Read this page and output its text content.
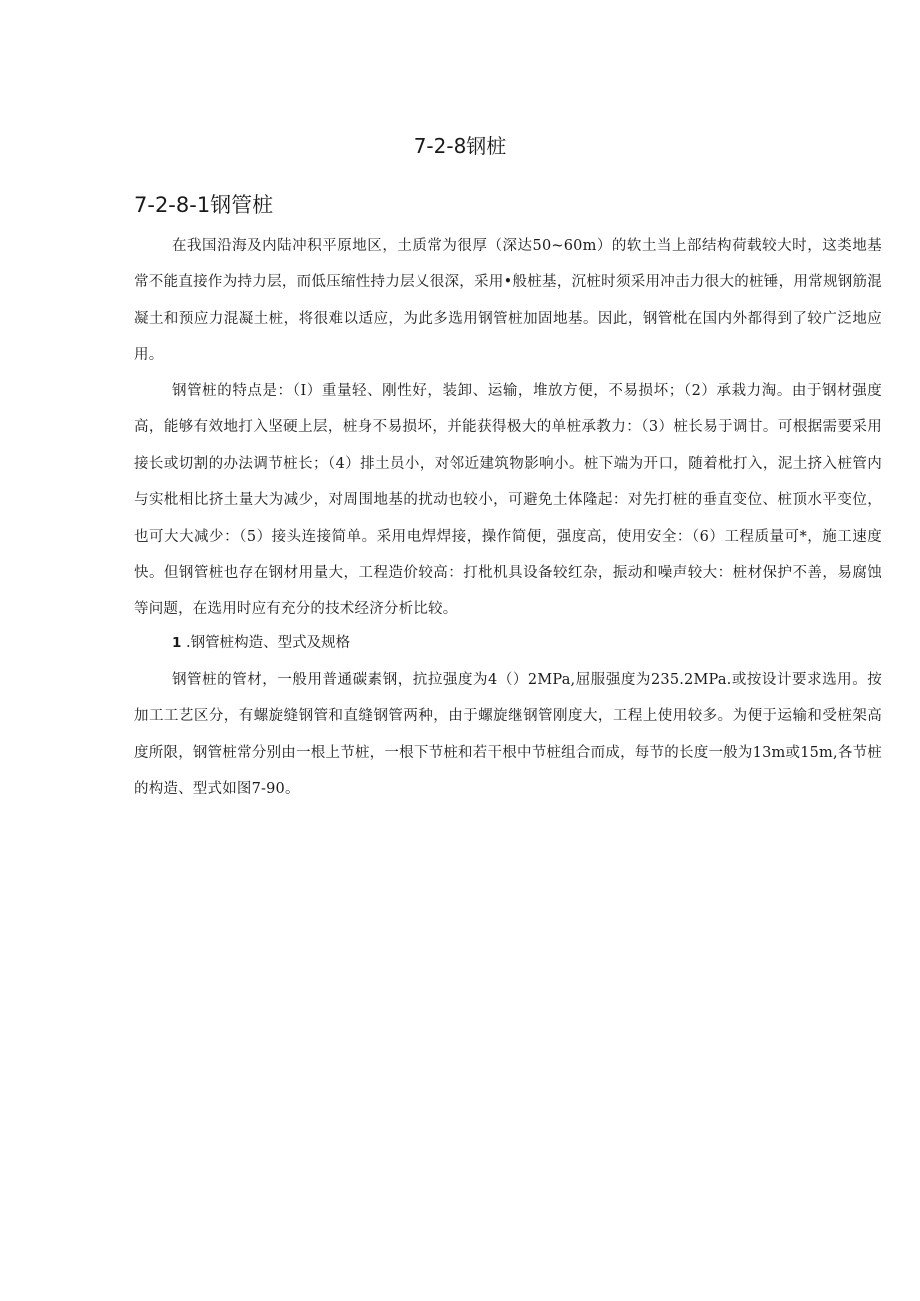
7-2-8钢桩
7-2-8-1钢管桩

在我国沿海及内陆冲积平原地区，土质常为很厚（深达50~60m）的软土当上部结构荷载较大时，这类地基常不能直接作为持力层，而低压缩性持力层乂很深，采用•般桩基，沉桩时须采用冲击力很大的桩锤，用常规钢筋混凝土和预应力混凝土桩，将很难以适应，为此多选用钢管桩加固地基。因此，钢管枇在国内外都得到了较广泛地应用。

钢管桩的特点是：（I）重量轻、刚性好，装卸、运输，堆放方便，不易损坏；（2）承栽力淘。由于钢材强度高，能够有效地打入坚硬上层，桩身不易损坏，并能获得极大的单桩承教力：（3）桩长易于调甘。可根据需要采用接长或切割的办法调节桩长；（4）排土员小，对邻近建筑物影响小。桩下端为开口，随着枇打入，泥土挤入桩管内与实枇相比挤土量大为减少，对周围地基的扰动也较小，可避免土体隆起：对先打桩的垂直变位、桩顶水平变位，也可大大减少：（5）接头连接简单。采用电焊焊接，操作简便，强度高，使用安全：（6）工程质量可*，施工速度快。但钢管桩也存在钢材用量大，工程造价较高：打枇机具设备较红杂，振动和噪声较大：桩材保护不善，易腐蚀等问题，在选用时应有充分的技术经济分析比较。

1 .钢管桩构造、型式及规格

钢管桩的管材，一般用普通碳素钢，抗拉强度为4（）2MPa,屈服强度为235.2MPa.或按设计要求选用。按加工工艺区分，有螺旋缝钢管和直缝钢管两种，由于螺旋继钢管刚度大，工程上使用较多。为便于运输和受桩架高度所限，钢管桩常分别由一根上节桩，一根下节桩和若干根中节桩组合而成，每节的长度一般为13m或15m,各节桩的构造、型式如图7-90。
